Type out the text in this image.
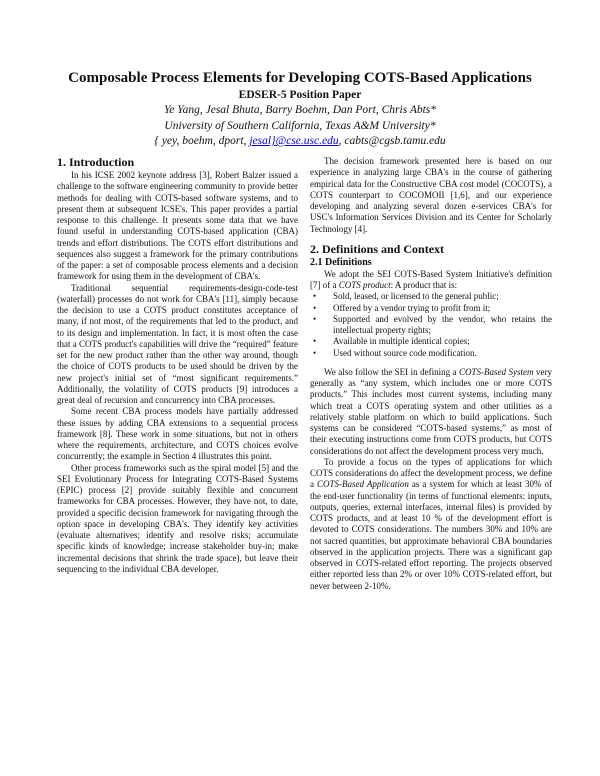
Composable Process Elements for Developing COTS-Based Applications
EDSER-5 Position Paper
Ye Yang, Jesal Bhuta, Barry Boehm, Dan Port, Chris Abts*
University of Southern California, Texas A&M University*
{ yey, boehm, dport, jesal}@cse.usc.edu, cabts@cgsb.tamu.edu
1. Introduction

In his ICSE 2002 keynote address [3], Robert Balzer issued a challenge to the software engineering community to provide better methods for dealing with COTS-based software systems, and to present them at subsequent ICSE's. This paper provides a partial response to this challenge. It presents some data that we have found useful in understanding COTS-based application (CBA) trends and effort distributions. The COTS effort distributions and sequences also suggest a framework for the primary contributions of the paper: a set of composable process elements and a decision framework for using them in the development of CBA's.

Traditional sequential requirements-design-code-test (waterfall) processes do not work for CBA's [11], simply because the decision to use a COTS product constitutes acceptance of many, if not most, of the requirements that led to the product, and to its design and implementation. In fact, it is most often the case that a COTS product's capabilities will drive the “required” feature set for the new product rather than the other way around, though the choice of COTS products to be used should be driven by the new project's initial set of “most significant requirements.” Additionally, the volatility of COTS products [9] introduces a great deal of recursion and concurrency into CBA processes.

Some recent CBA process models have partially addressed these issues by adding CBA extensions to a sequential process framework [8]. These work in some situations, but not in others where the requirements, architecture, and COTS choices evolve concurrently; the example in Section 4 illustrates this point.

Other process frameworks such as the spiral model [5] and the SEI Evolutionary Process for Integrating COTS-Based Systems (EPIC) process [2] provide suitably flexible and concurrent frameworks for CBA processes. However, they have not, to date, provided a specific decision framework for navigating through the option space in developing CBA's. They identify key activities (evaluate alternatives; identify and resolve risks; accumulate specific kinds of knowledge; increase stakeholder buy-in; make incremental decisions that shrink the trade space), but leave their sequencing to the individual CBA developer.

The decision framework presented here is based on our experience in analyzing large CBA's in the course of gathering empirical data for the Constructive CBA cost model (COCOTS), a COTS counterpart to COCOMOII [1,6], and our experience developing and analyzing several dozen e-services CBA's for USC's Information Services Division and its Center for Scholarly Technology [4].

2. Definitions and Context
2.1 Definitions

We adopt the SEI COTS-Based System Initiative's definition [7] of a COTS product: A product that is:

• Sold, leased, or licensed to the general public;
• Offered by a vendor trying to profit from it;
• Supported and evolved by the vendor, who retains the intellectual property rights;
• Available in multiple identical copies;
• Used without source code modification.

We also follow the SEI in defining a COTS-Based System very generally as “any system, which includes one or more COTS products.” This includes most current systems, including many which treat a COTS operating system and other utilities as a relatively stable platform on which to build applications. Such systems can be considered “COTS-based systems,” as most of their executing instructions come from COTS products, but COTS considerations do not affect the development process very much.

To provide a focus on the types of applications for which COTS considerations do affect the development process, we define a COTS-Based Application as a system for which at least 30% of the end-user functionality (in terms of functional elements: inputs, outputs, queries, external interfaces, internal files) is provided by COTS products, and at least 10 % of the development effort is devoted to COTS considerations. The numbers 30% and 10% are not sacred quantities, but approximate behavioral CBA boundaries observed in the application projects. There was a significant gap observed in COTS-related effort reporting. The projects observed either reported less than 2% or over 10% COTS-related effort, but never between 2-10%.
